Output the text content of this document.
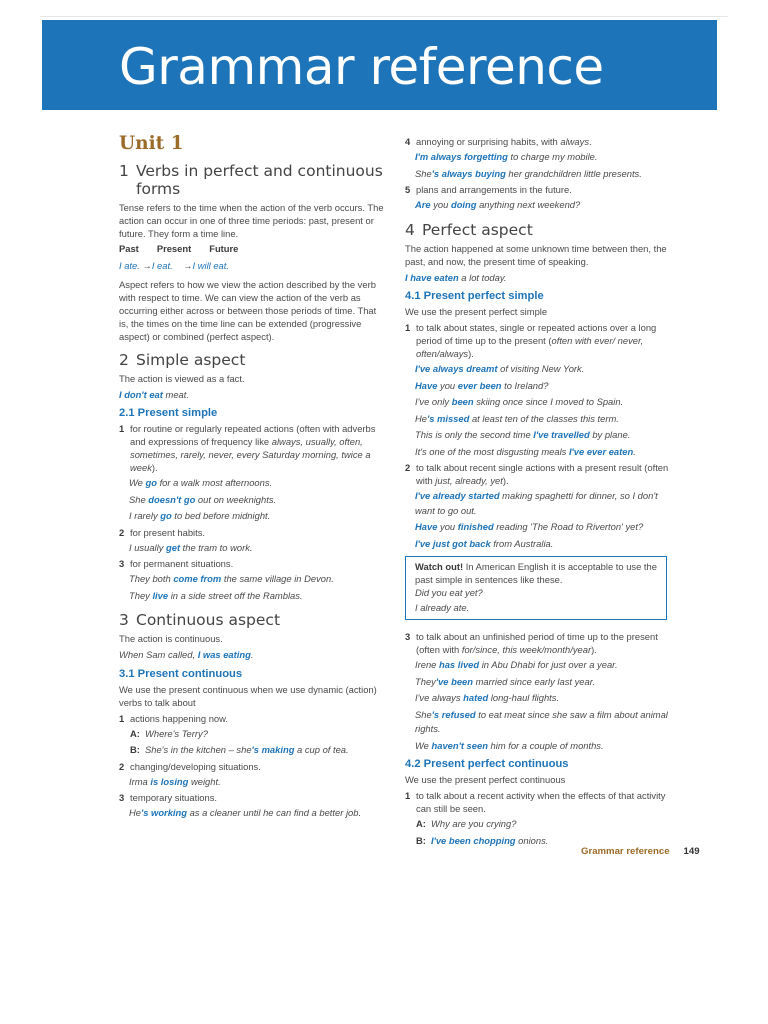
Grammar reference
Unit 1
1 Verbs in perfect and continuous forms

Tense refers to the time when the action of the verb occurs. The action can occur in one of three time periods: past, present or future. They form a time line.

Past Present Future
I ate. →I eat. →I will eat.

Aspect refers to how we view the action described by the verb with respect to time. We can view the action of the verb as occurring either across or between those periods of time. That is, the times on the time line can be extended (progressive aspect) or combined (perfect aspect).

2 Simple aspect

The action is viewed as a fact.

I don't eat meat.
2.1 Present simple
1 for routine or regularly repeated actions (often with adverbs and expressions of frequency like always, usually, often, sometimes, rarely, never, every Saturday morning, twice a week).
We go for a walk most afternoons.
She doesn't go out on weeknights.
I rarely go to bed before midnight.
2 for present habits.
I usually get the tram to work.
3 for permanent situations.
They both come from the same village in Devon.
They live in a side street off the Ramblas.
3 Continuous aspect

The action is continuous.

When Sam called, I was eating.
3.1 Present continuous

We use the present continuous when we use dynamic (action) verbs to talk about

1 actions happening now.
A: Where's Terry?
B: She's in the kitchen – she's making a cup of tea.
2 changing/developing situations.
Irma is losing weight.
3 temporary situations.
He's working as a cleaner until he can find a better job.
4 annoying or surprising habits, with always.
I'm always forgetting to charge my mobile.
She's always buying her grandchildren little presents.
5 plans and arrangements in the future.
Are you doing anything next weekend?
4 Perfect aspect

The action happened at some unknown time between then, the past, and now, the present time of speaking.

I have eaten a lot today.
4.1 Present perfect simple

We use the present perfect simple

1 to talk about states, single or repeated actions over a long period of time up to the present (often with ever/ never, often/always).
I've always dreamt of visiting New York.
Have you ever been to Ireland?
I've only been skiing once since I moved to Spain.
He's missed at least ten of the classes this term.
This is only the second time I've travelled by plane.
It's one of the most disgusting meals I've ever eaten.
2 to talk about recent single actions with a present result (often with just, already, yet).
I've already started making spaghetti for dinner, so I don't want to go out.
Have you finished reading 'The Road to Riverton' yet?
I've just got back from Australia.

Watch out! In American English it is acceptable to use the past simple in sentences like these.

Did you eat yet?
I already ate.
3 to talk about an unfinished period of time up to the present (often with for/since, this week/month/year).
Irene has lived in Abu Dhabi for just over a year.
They've been married since early last year.
I've always hated long-haul flights.
She's refused to eat meat since she saw a film about animal rights.
We haven't seen him for a couple of months.
4.2 Present perfect continuous

We use the present perfect continuous

1 to talk about a recent activity when the effects of that activity can still be seen.
A: Why are you crying?
B: I've been chopping onions.
Grammar reference 149
